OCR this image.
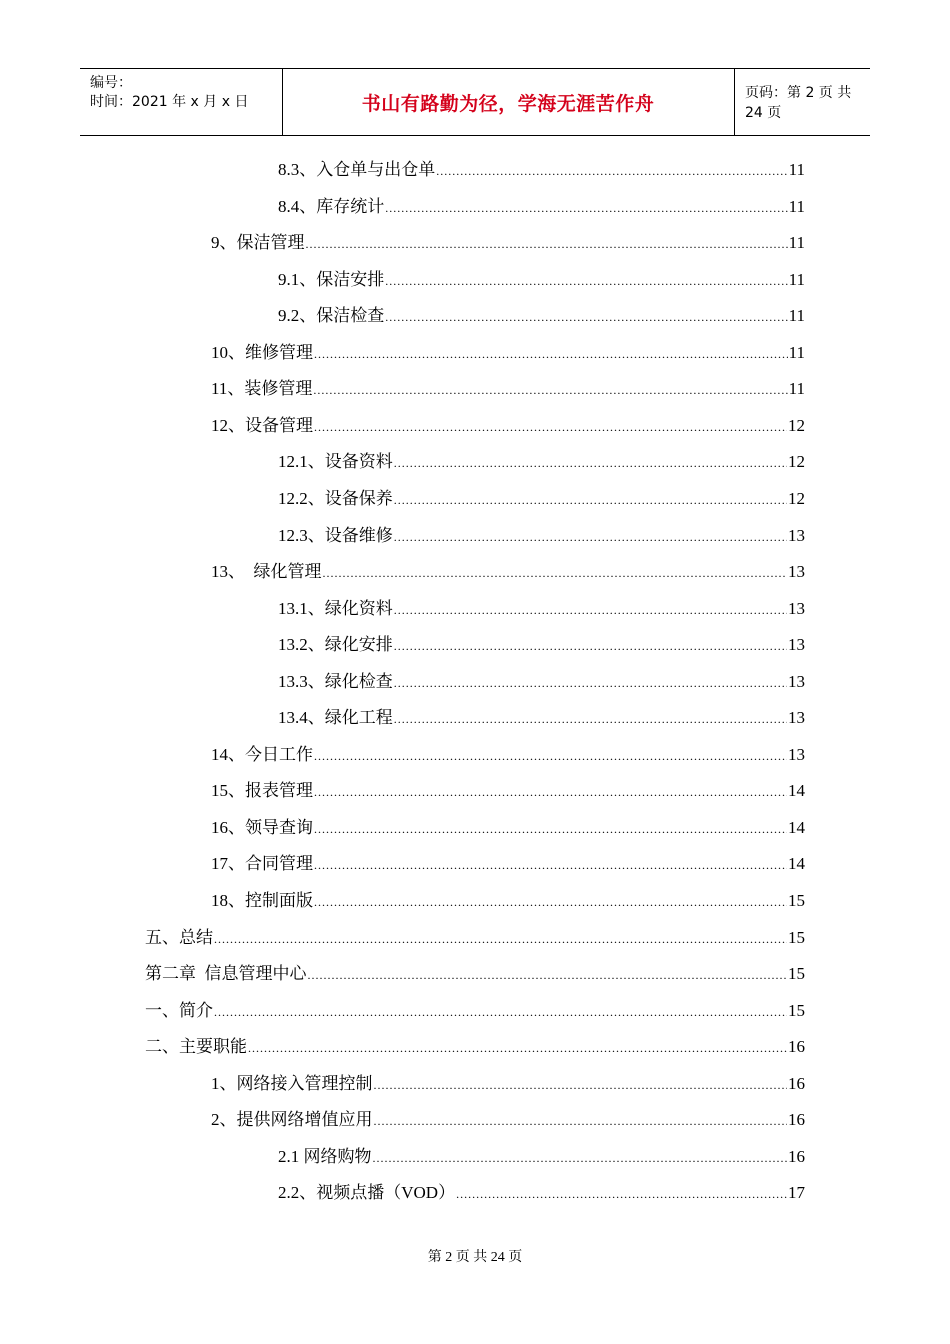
编号：
时间：2021 年 x 月 x 日	书山有路勤为径，学海无涯苦作舟	页码：第 2 页 共 24 页
8.3、入仓单与出仓单 .....	11
8.4、库存统计 .....	11
9、保洁管理 .....	11
9.1、保洁安排 .....	11
9.2、保洁检查 .....	11
10、维修管理 .....	11
11、装修管理 .....	11
12、设备管理 .....	12
12.1、设备资料 .....	12
12.2、设备保养 .....	12
12.3、设备维修 .....	13
13、  绿化管理 .....	13
13.1、绿化资料 .....	13
13.2、绿化安排 .....	13
13.3、绿化检查 .....	13
13.4、绿化工程 .....	13
14、今日工作 .....	13
15、报表管理 .....	14
16、领导查询 .....	14
17、合同管理 .....	14
18、控制面版 .....	15
五、总结 .....	15
第二章  信息管理中心 .....	15
一、简介 .....	15
二、主要职能 .....	16
1、网络接入管理控制 .....	16
2、提供网络增值应用 .....	16
2.1 网络购物 .....	16
2.2、视频点播（VOD） .....	17
第 2 页 共 24 页
